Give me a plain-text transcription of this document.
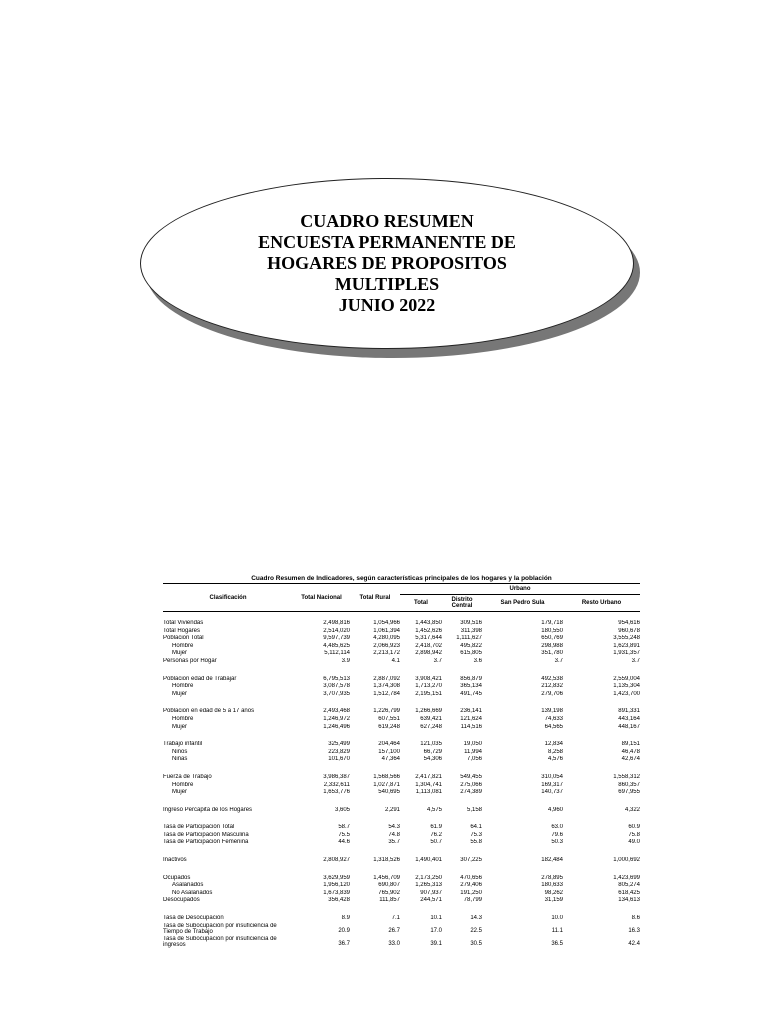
CUADRO RESUMEN
ENCUESTA PERMANENTE DE
HOGARES DE PROPOSITOS
MULTIPLES
JUNIO 2022
Cuadro Resumen de Indicadores, según características principales de los hogares y la población
Clasificación	Total Nacional	Total Rural	Urbano			
			Total	Distrito Central	San Pedro Sula	Resto Urbano

Total Viviendas	2,498,816	1,054,966	1,443,850	309,516	179,718	954,616
Total Hogares	2,514,020	1,061,394	1,452,626	311,398	180,550	960,678
Poblacion Total	9,597,739	4,280,095	5,317,644	1,111,627	650,769	3,555,248
Hombre	4,485,625	2,066,923	2,418,702	495,822	298,988	1,623,891
Mujer	5,112,114	2,213,172	2,898,942	615,805	351,780	1,931,357
Personas por Hogar	3.9	4.1	3.7	3.6	3.7	3.7

Poblacion edad de Trabajar	6,795,513	2,887,092	3,908,421	856,879	492,538	2,559,004
Hombre	3,087,578	1,374,308	1,713,270	365,134	212,832	1,135,304
Mujer	3,707,935	1,512,784	2,195,151	491,745	279,706	1,423,700

Poblacion en edad de 5 a 17 años	2,493,468	1,226,799	1,266,669	236,141	139,198	891,331
Hombre	1,246,972	607,551	639,421	121,624	74,633	443,164
Mujer	1,246,496	619,248	627,248	114,516	64,565	448,167

Trabajo infantil	325,499	204,464	121,035	19,050	12,834	89,151
Niños	223,829	157,100	66,729	11,994	8,258	46,478
Niñas	101,670	47,364	54,306	7,056	4,576	42,674

Fuerza de Trabajo	3,986,387	1,568,566	2,417,821	549,455	310,054	1,558,312
Hombre	2,332,611	1,027,871	1,304,741	275,066	169,317	860,357
Mujer	1,653,776	540,695	1,113,081	274,389	140,737	697,955

Ingreso Percapita de los Hogares	3,605	2,291	4,575	5,158	4,960	4,322

Tasa de Participación Total	58.7	54.3	61.9	64.1	63.0	60.9
Tasa de Participación Masculina	75.5	74.8	76.2	75.3	79.6	75.8
Tasa de Participación Femenina	44.6	35.7	50.7	55.8	50.3	49.0

Inactivos	2,808,927	1,318,526	1,490,401	307,225	182,484	1,000,692

Ocupados	3,629,959	1,456,709	2,173,250	470,656	278,895	1,423,699
Asalariados	1,956,120	690,807	1,265,313	279,406	180,633	805,274
No Asalariados	1,673,839	765,902	907,937	191,250	98,262	618,425
Desocupados	356,428	111,857	244,571	78,799	31,159	134,613

Tasa de Desocupación	8.9	7.1	10.1	14.3	10.0	8.6

Tasa de Subocupación por insuficiencia de
Tiempo de Trabajo	20.9	26.7	17.0	22.5	11.1	16.3

Tasa de Subocupación por insuficiencia de
ingresos	36.7	33.0	39.1	30.5	36.5	42.4
